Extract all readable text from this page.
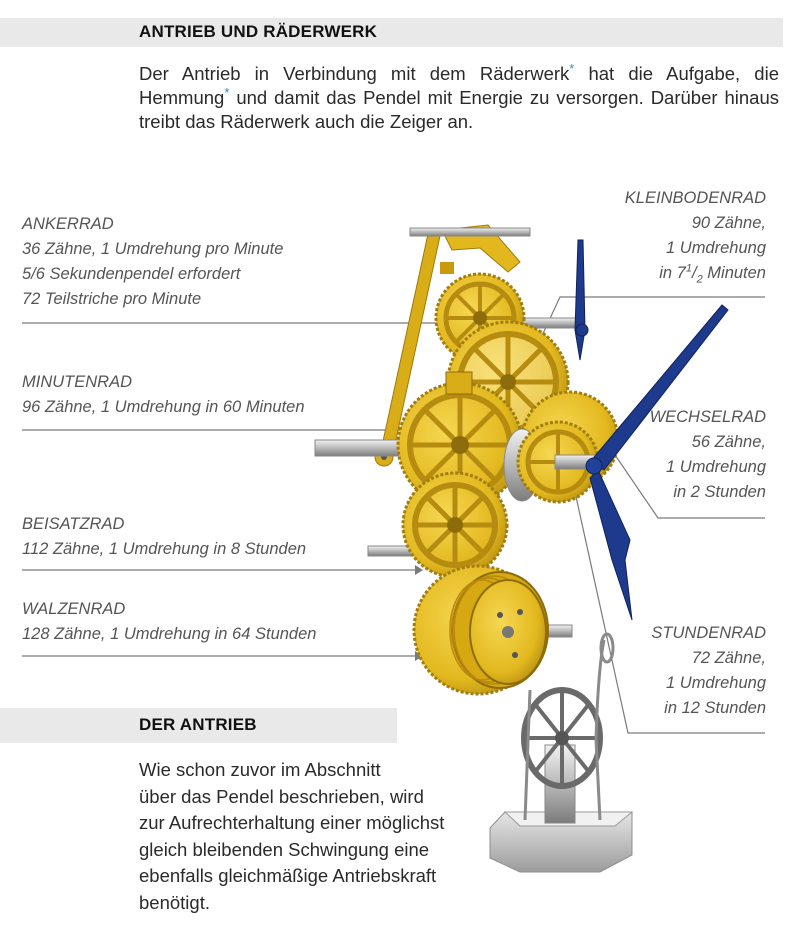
ANTRIEB UND RÄDERWERK

Der Antrieb in Verbindung mit dem Räderwerk* hat die Aufgabe, die Hemmung* und damit das Pendel mit Energie zu versorgen. Darüber hinaus treibt das Räderwerk auch die Zeiger an.

ANKERRAD
36 Zähne, 1 Umdrehung pro Minute
5/6 Sekundenpendel erfordert
72 Teilstriche pro Minute
MINUTENRAD
96 Zähne, 1 Umdrehung in 60 Minuten
BEISATZRAD
112 Zähne, 1 Umdrehung in 8 Stunden
WALZENRAD
128 Zähne, 1 Umdrehung in 64 Stunden
KLEINBODENRAD
90 Zähne,
1 Umdrehung
in $7^1/_2$ Minuten
WECHSELRAD
56 Zähne,
1 Umdrehung
in 2 Stunden
STUNDENRAD
72 Zähne,
1 Umdrehung
in 12 Stunden
DER ANTRIEB
Wie schon zuvor im Abschnitt
über das Pendel beschrieben, wird
zur Aufrechterhaltung einer möglichst
gleich bleibenden Schwingung eine
ebenfalls gleichmäßige Antriebskraft
benötigt.
